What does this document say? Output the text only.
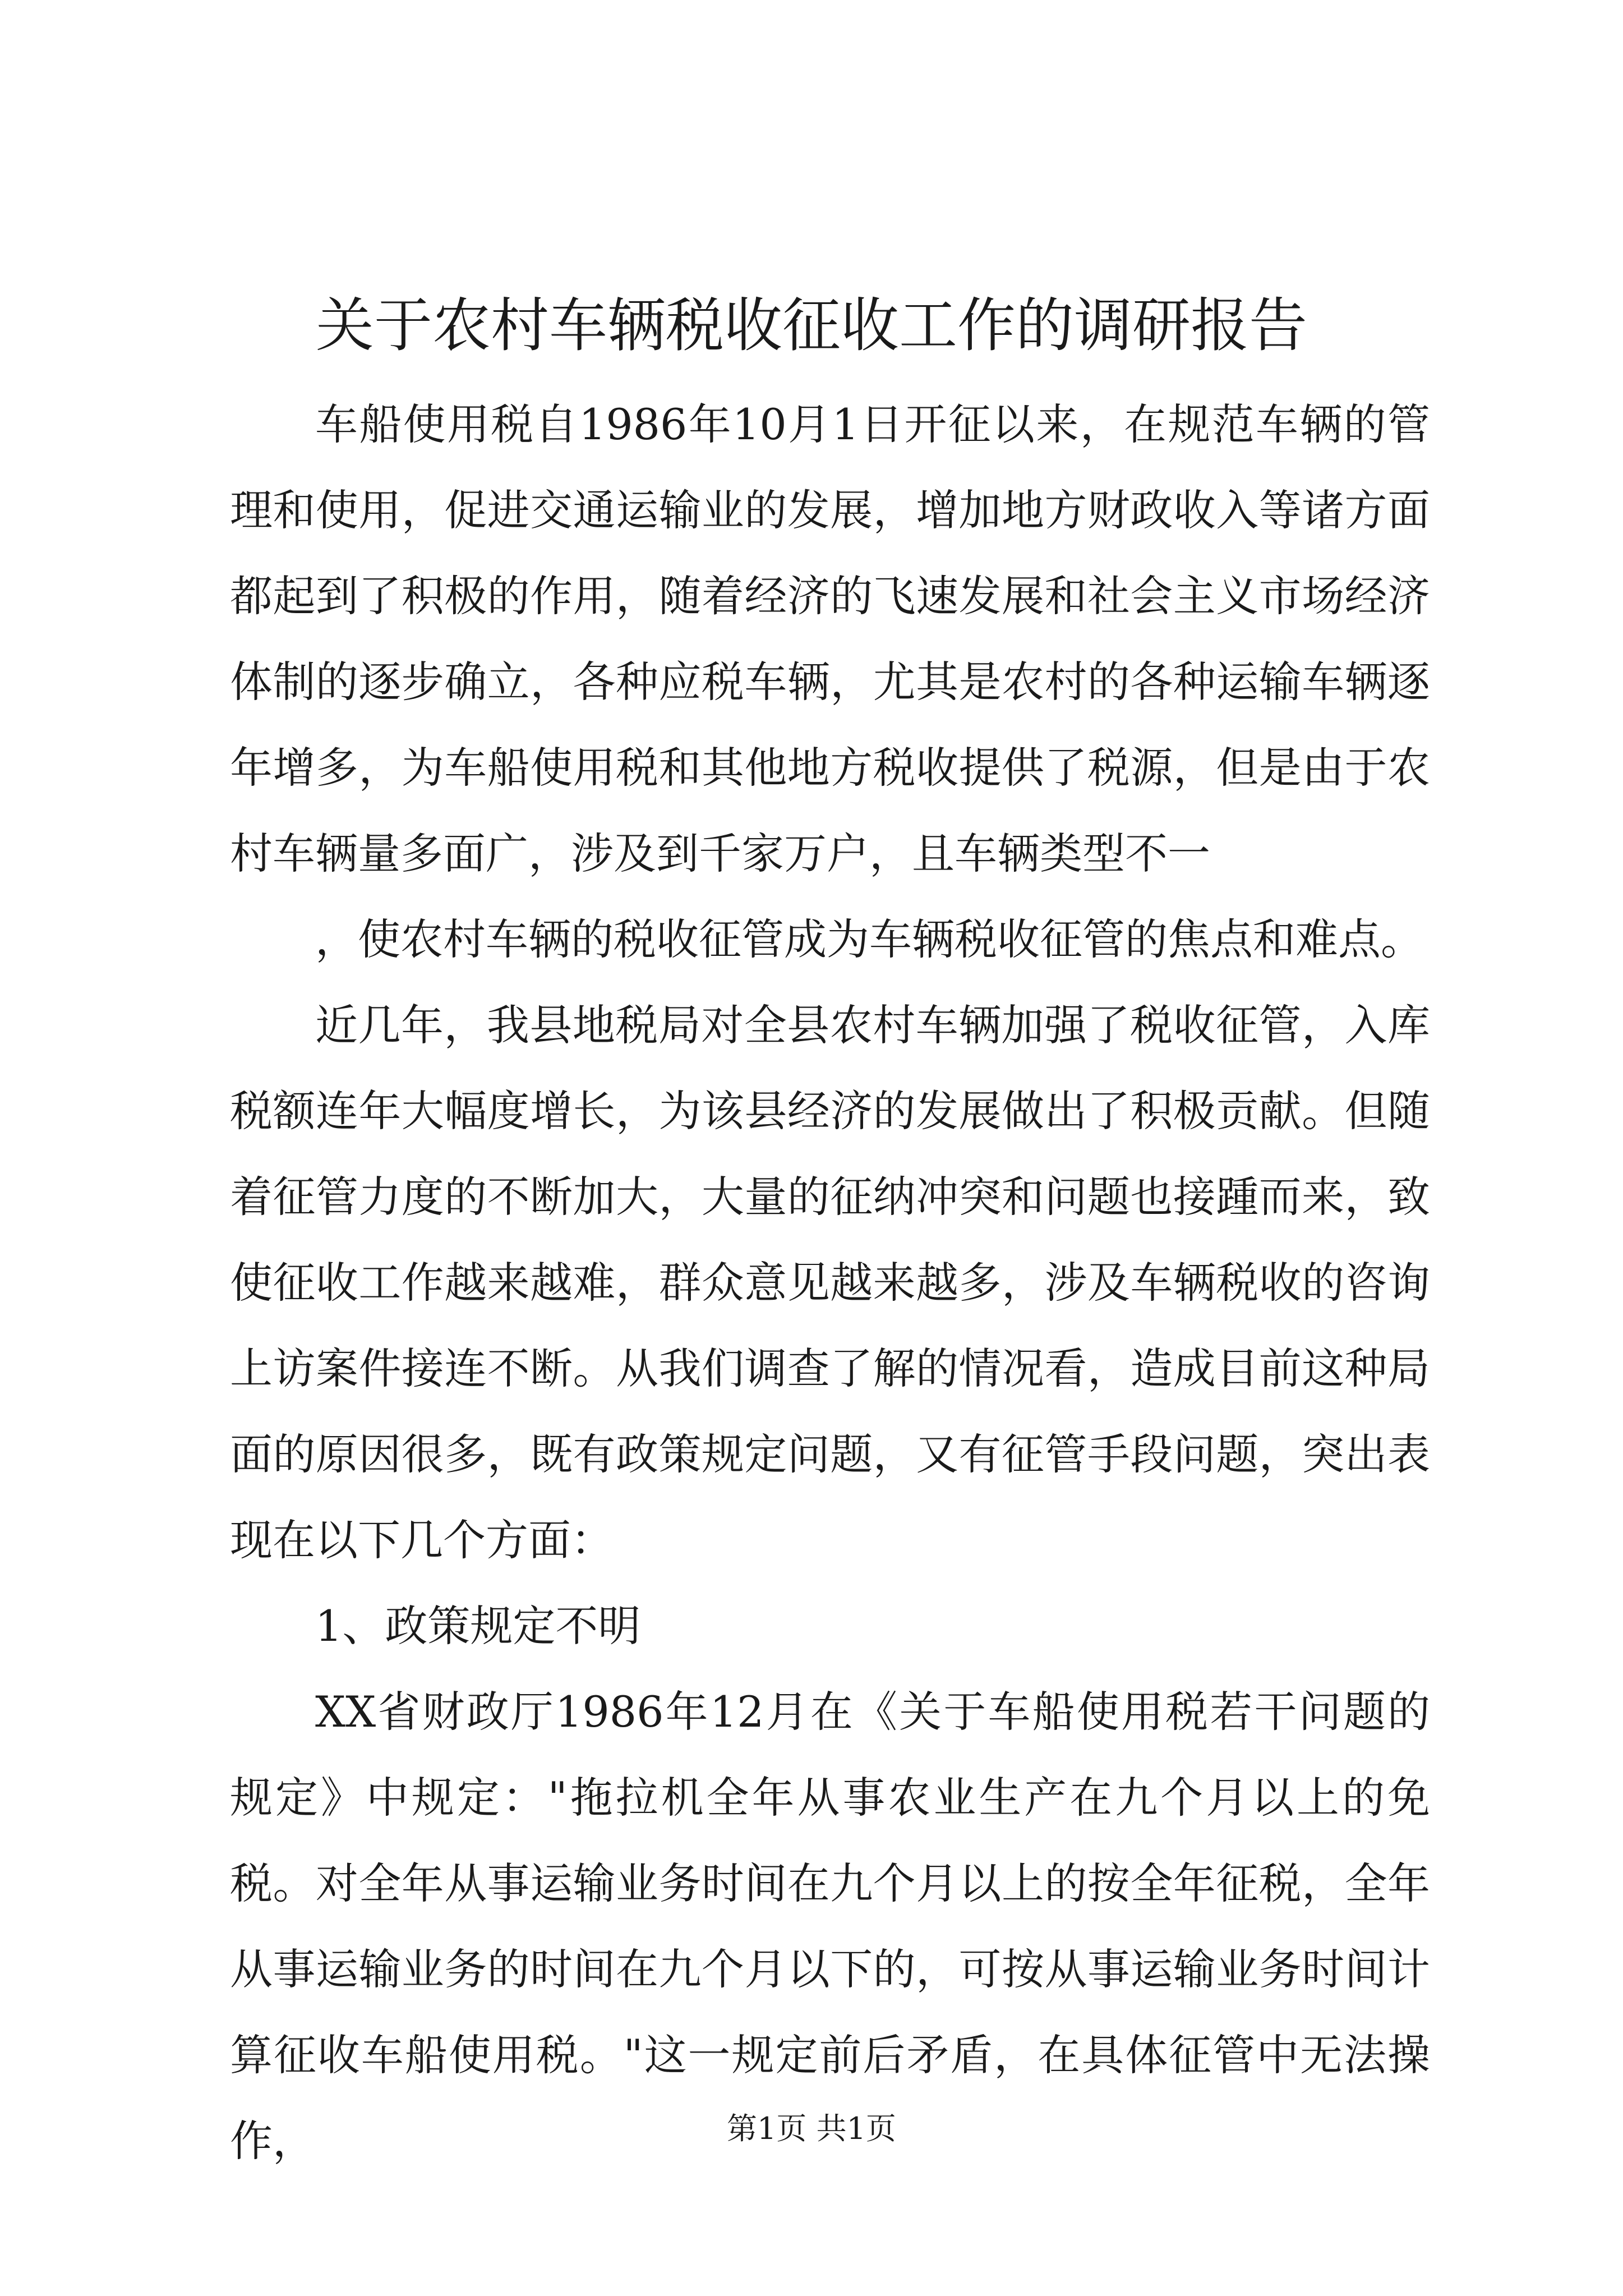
关于农村车辆税收征收工作的调研报告

车船使用税自1986年10月1日开征以来，在规范车辆的管理和使用，促进交通运输业的发展，增加地方财政收入等诸方面都起到了积极的作用，随着经济的飞速发展和社会主义市场经济体制的逐步确立，各种应税车辆，尤其是农村的各种运输车辆逐年增多，为车船使用税和其他地方税收提供了税源，但是由于农村车辆量多面广，涉及到千家万户，且车辆类型不一

，使农村车辆的税收征管成为车辆税收征管的焦点和难点。

近几年，我县地税局对全县农村车辆加强了税收征管，入库税额连年大幅度增长，为该县经济的发展做出了积极贡献。但随着征管力度的不断加大，大量的征纳冲突和问题也接踵而来，致使征收工作越来越难，群众意见越来越多，涉及车辆税收的咨询上访案件接连不断。从我们调查了解的情况看，造成目前这种局面的原因很多，既有政策规定问题，又有征管手段问题，突出表现在以下几个方面：

1、政策规定不明

XX省财政厅1986年12月在《关于车船使用税若干问题的规定》中规定："拖拉机全年从事农业生产在九个月以上的免税。对全年从事运输业务时间在九个月以上的按全年征税，全年从事运输业务的时间在九个月以下的，可按从事运输业务时间计算征收车船使用税。"这一规定前后矛盾，在具体征管中无法操作，	第1页 共1页
